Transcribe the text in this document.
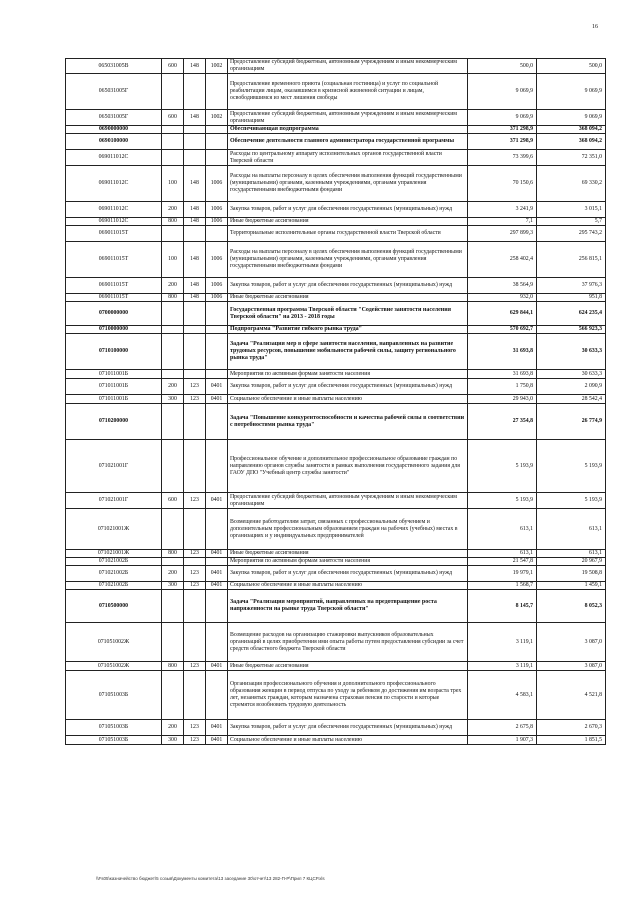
16
065031005В	600	148	1002	Предоставление субсидий бюджетным, автономным учреждениям и иным некоммерческим организациям	500,0	500,0
065031005Г				Предоставление временного приюта (социальная гостиница) и услуг по социальной реабилитации лицам, оказавшимся в кризисной жизненной ситуации и лицам, освободившимся из мест лишения свободы	9 069,9	9 069,9
065031005Г	600	148	1002	Предоставление субсидий бюджетным, автономным учреждениям и иным некоммерческим организациям	9 069,9	9 069,9
0690000000				Обеспечивающая подпрограмма	371 298,9	368 094,2
0690100000				Обеспечение деятельности главного администратора государственной программы	371 298,9	368 094,2
069011012С				Расходы по центральному аппарату исполнительных органов государственной власти Тверской области	73 399,6	72 351,0
069011012С	100	148	1006	Расходы на выплаты персоналу в целях обеспечения выполнения функций государственными (муниципальными) органами, казенными учреждениями, органами управления государственными внебюджетными фондами	70 150,6	69 330,2
069011012С	200	148	1006	Закупка товаров, работ и услуг для обеспечения государственных (муниципальных) нужд	3 241,9	3 015,1
069011012С	800	148	1006	Иные бюджетные ассигнования	7,1	5,7
069011015Т				Территориальные исполнительные органы государственной власти Тверской области	297 899,3	295 743,2
069011015Т	100	148	1006	Расходы на выплаты персоналу в целях обеспечения выполнения функций государственными (муниципальными) органами, казенными учреждениями, органами управления государственными внебюджетными фондами	258 402,4	256 815,1
069011015Т	200	148	1006	Закупка товаров, работ и услуг для обеспечения государственных (муниципальных) нужд	38 564,9	37 976,3
069011015Т	800	148	1006	Иные бюджетные ассигнования	932,0	951,8
0700000000				Государственная программа Тверской области "Содействие занятости населения Тверской области" на 2013 - 2018 годы	629 844,1	624 235,4
0710000000				Подпрограмма "Развитие гибкого рынка труда"	570 692,7	566 923,3
0710100000				Задача "Реализация мер в сфере занятости населения, направленных на развитие трудовых ресурсов, повышение мобильности рабочей силы, защиту регионального рынка труда"	31 693,8	30 633,3
071011001Б				Мероприятия по активным формам занятости населения	31 693,8	30 633,3
071011001Б	200	123	0401	Закупка товаров, работ и услуг для обеспечения государственных (муниципальных) нужд	1 750,8	2 090,9
071011001Б	300	123	0401	Социальное обеспечение и иные выплаты населению	29 943,0	28 542,4
0710200000				Задача "Повышение конкурентоспособности и качества рабочей силы в соответствии с потребностями рынка труда"	27 354,8	26 774,9
071021001Г				Профессиональное обучение и дополнительное профессиональное образование граждан по направлению органов службы занятости в рамках выполнения государственного задания для ГАОУ ДПО "Учебный центр службы занятости"	5 193,9	5 193,9
071021001Г	600	123	0401	Предоставление субсидий бюджетным, автономным учреждениям и иным некоммерческим организациям	5 193,9	5 193,9
071021001Ж				Возмещение работодателям затрат, связанных с профессиональным обучением и дополнительным профессиональным образованием граждан на рабочих (учебных) местах в организациях и у индивидуальных предпринимателей	613,1	613,1
071021001Ж	800	123	0401	Иные бюджетные ассигнования	613,1	613,1
071021002Б				Мероприятия по активным формам занятости населения	21 547,8	20 967,9
071021002Б	200	123	0401	Закупка товаров, работ и услуг для обеспечения государственных (муниципальных) нужд	19 979,1	19 508,8
071021002Б	300	123	0401	Социальное обеспечение и иные выплаты населению	1 568,7	1 459,1
0710500000				Задача "Реализация мероприятий, направленных на предотвращение роста напряженности на рынке труда Тверской области"	8 145,7	8 052,3
071051002Ж				Возмещение расходов на организацию стажировки выпускников образовательных организаций в целях приобретения ими опыта работы путем предоставления субсидии за счет средств областного бюджета Тверской области	3 119,1	3 087,0
071051002Ж	800	123	0401	Иные бюджетные ассигнования	3 119,1	3 087,0
071051003Б				Организация профессионального обучения и дополнительного профессионального образования женщин в период отпуска по уходу за ребенком до достижения им возраста трех лет, незанятых граждан, которым назначена страховая пенсия по старости и которые стремятся возобновить трудовую деятельность	4 583,1	4 521,8
071051003Б	200	123	0401	Закупка товаров, работ и услуг для обеспечения государственных (муниципальных) нужд	2 675,8	2 670,3
071051003Б	300	123	0401	Социальное обеспечение и иные выплаты населению	1 907,3	1 851,5
\\Fs05\казначейство бюджет\5 созыв\Документы комитета\13 заседание 30\отчет\13 282-П-Р\Прил 7 КЦСР.xls
